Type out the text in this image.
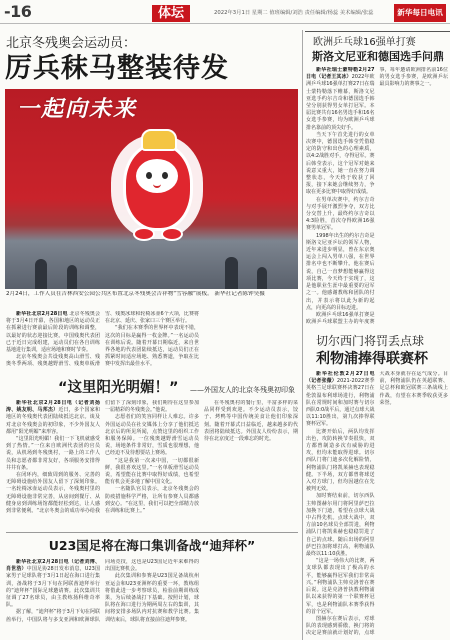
-16	体坛	2022年3月1日 星期二 值班编辑/刘浩 责任编辑/杨蕊 美术编辑/张蕊	新华每日电讯
北京冬残奥会运动员：
厉兵秣马整装待发
一起向未来
2月24日，工作人员在吉林西安公园公共区布置北京冬残奥会吉祥物“雪容融”展板。 新华社记者陈钟昊摄

新华社北京2月28日电 北京冬残奥会将于3月4日开幕，各国和地区的运动员正在抓紧进行赛前最后阶段的训练和调整，以最好的状态迎接比赛。中国残奥代表团已于近日完成组建，运动员们在各自训练基地进行集训，适应场地和赛时节奏。

北京冬残奥会共设残奥高山滑雪、残奥冬季两项、残奥越野滑雪、残奥单板滑雪、残奥冰球和轮椅冰壶6个大项，比赛将在北京、延庆、张家口三个赛区举行。

“我们在本赛季的世界杯中表现不错，这次的目标是赢得一枚金牌。”一名运动员在训练后说。随着开幕日期临近，来自世界各地的代表团陆续抵达，运动员们正在抓紧时间适应场地、熟悉赛道，争取在比赛中发挥出最佳水平。

“这里阳光明媚！” ——外国友人的北京冬残奥初印象

新华社北京2月28日电（记者刘扬涛、姚友明、马邦杰）近日，多个国家和地区的冬残奥代表团陆续抵达北京。谈及对北京冬残奥会的初印象，不少外国友人都用“阳光明媚”来形容。

“这里阳光明媚！我们一下飞机就感受到了热情。”一位来自欧洲代表团的官员说，从机场到冬残奥村，一路上的工作人员和志愿者都非常友好，各项服务安排得井井有条。

在闭环内，细致周到的服务、完善的无障碍设施给外国友人留下了深刻印象。一名轮椅冰壶运动员表示，冬残奥村里的无障碍设施非常完善，从房间到餐厅、从健身房到训练场馆都能轻松到达，让人感到非常便利。“北京冬奥会的成功举办给我们留下了深刻印象，我们期待在这里参加一届精彩的冬残奥会。”他说。

志愿者们的笑容同样让人难忘。许多外国运动员在社交媒体上分享了他们抵达北京后的所见所闻，点赞这里的组织工作和服务保障。一位残奥越野滑雪运动员说，场地条件非常好，雪质也很理想，他已经迫不及待想要站上赛场。

“这是我第一次来中国，一切都很新鲜，我很喜欢这里。”一名单板滑雪运动员说，希望能在比赛中取得好成绩，也希望能有机会更多地了解中国文化。

一名随队官员表示，北京冬残奥会的防疫措施科学严格，让所有参赛人员都感到安心。“在这里，我们可以把全部精力放在训练和比赛上。”

在冬残奥村的餐厅里，丰富多样的菜品同样受到欢迎。不少运动员表示，饺子、烤鸭等中国传统美食让他们印象深刻。随着开幕式日益临近，越来越多的代表团将陆续抵达。外国友人纷纷表示，期待在北京度过一段难忘的时光。

U23国足将在海口集训备战“迪拜杯”

新华社北京2月28日电（记者刘博、肖世浩）中国足协28日发布消息，U23国家男子足球队将于3月1日起在海口进行集训，备战将于3月下旬在阿联酋迪拜举行的“迪拜杯”国际足球邀请赛。此次集训共征调了27名球员，由主教练扬科维奇率队。

据了解，“迪拜杯”将于3月下旬在阿联酋举行，中国队将与多支亚洲和欧洲球队同场竞技，这也是U23国足近年来难得的出国比赛机会。

此次集训和参赛是U23国足备战杭州亚运会和U23亚洲杯的重要一环，教练组将借此进一步考察球员，检验前期训练成果，为后续备战打下基础。按照计划，球队将在海口进行为期两周左右的集训，其间将安排多场队内对抗赛和教学比赛。集训结束后，球队将直接前往迪拜参赛。

欧洲乒乓球16强单打赛
斯洛文尼亚和德国选手问鼎

新华社瑞士蒙特勒2月27日电（记者王其冰）2022年欧洲乒乓球16强单打赛27日在瑞士蒙特勒落下帷幕，斯洛文尼亚选手约尔吉奇和德国选手韩莹分别获得男女单打冠军。本届比赛共有16名男选手和16名女选手参赛，均为欧洲乒乓球排名靠前的顶尖好手。

当天下午首先进行的女单决赛中，德国选手韩莹凭借稳定的防守和出色的心理素质，以4:2战胜对手，夺得冠军。赛后韩莹表示，这个冠军对她来说意义重大，她一直在努力调整状态，今天终于收获了回报，接下来她会继续努力，争取在更多比赛中取得好成绩。

在男单决赛中，约尔吉奇与对手展开激烈争夺，双方比分交替上升，最终约尔吉奇以4:3险胜，首次夺得欧洲16强赛男单冠军。

1998年出生的约尔吉奇是斯洛文尼亚乒坛的领军人物，近年来进步明显，曾在东京奥运会上闯入男单八强，在世界排名中也不断攀升。他在赛后说，自己一直梦想能够赢得这项比赛，今天终于实现了，这是他职业生涯中最重要的冠军之一。他感谢教练和团队的付出，并表示将以此为新的起点，向更高的目标迈进。

欧洲乒乓球16强单打赛是欧洲乒乓球联盟主办的年度赛事，每年邀请欧洲排名前16位的男女选手参赛，是欧洲乒坛最具影响力的赛事之一。

切尔西门将罚丢点球
利物浦捧得联赛杯

新华社伦敦2月27日电（记者张薇）2021-2022赛季英格兰足球联赛杯决赛27日在伦敦温布利球场进行，利物浦队在常规时间和加时赛与切尔西队0:0战平后，通过点球大战以11:10胜出，第九次捧得联赛杯冠军。

比赛开始后，两队均发挥出色，攻防转换节奏很快，双方都曾制造多次有威胁的进攻，但均未能取得进球。切尔西队门将门迪多次化解险情，利物浦队门将凯莱赫也表现稳健。下半场，双方都曾将球送入对方球门，但均因越位在先被判无效。

加时赛结束前，切尔西队主帅图赫尔用门将阿里萨巴拉加换下门迪，希望在点球大战中占得先机。点球大战中，双方前10名球员全部罚进，利物浦队门将凯莱赫也稳稳罚进了自己的点球。随后出场的阿里萨巴拉加将球打高，利物浦队最终以11:10获胜。

“这是一场伟大的比赛，两支球队都表现出了极高的水平，能够赢得冠军我们非常高兴。”利物浦队主帅克洛普在赛后说。这是克洛普执教利物浦队以来获得的第一个联赛杯冠军，也是利物浦队本赛季获得的首个冠军。

图赫尔在赛后表示，对球队的表现感到骄傲，换门将的决定是赛前就计划好的，点球大战本身就存在运气成分。目前，利物浦队仍在英超联赛、足总杯和欧冠联赛三条战线上作战，有望在本赛季收获更多荣誉。
